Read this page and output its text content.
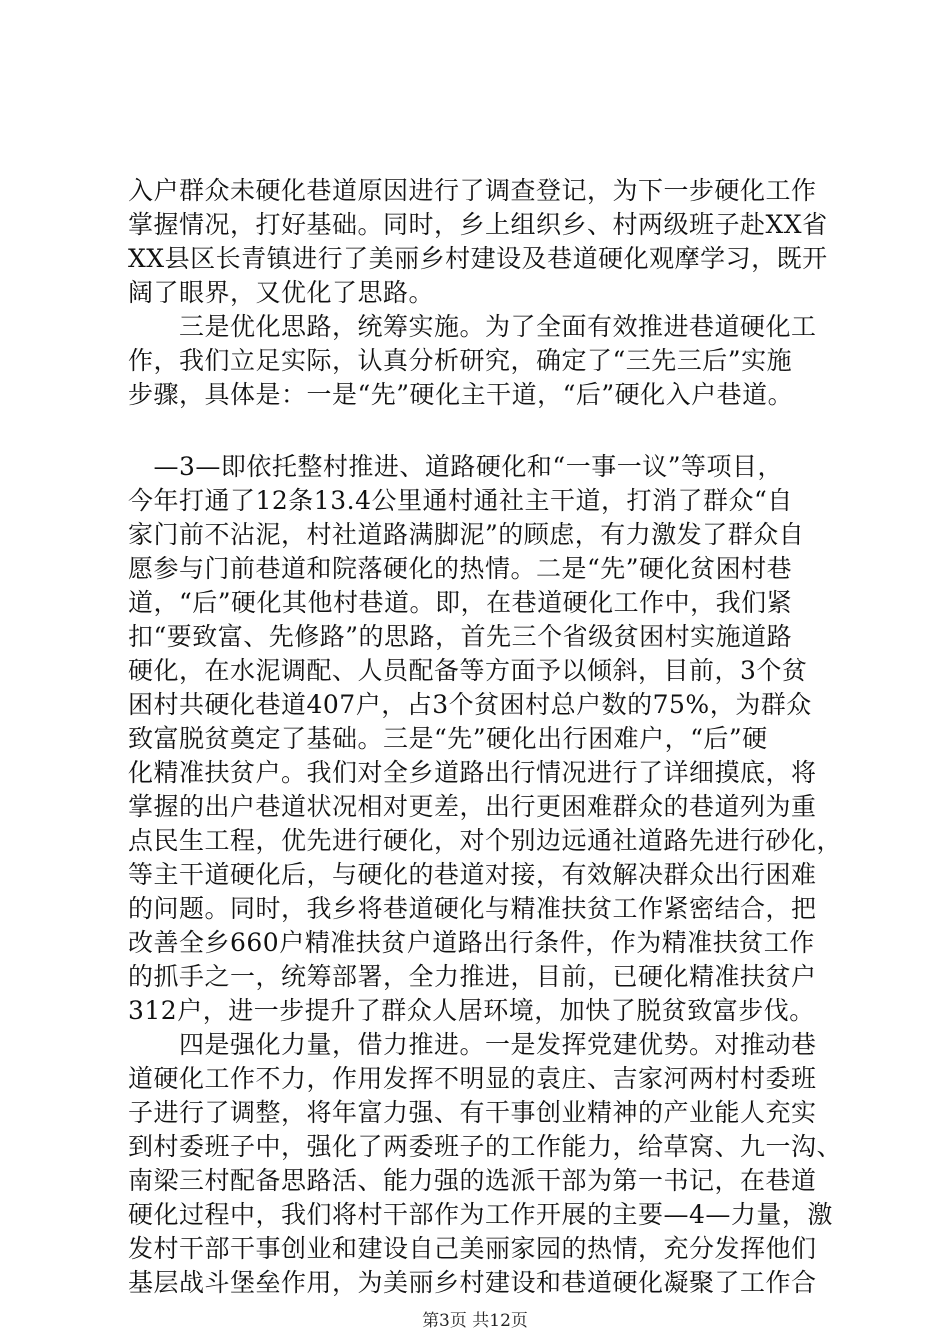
入户群众未硬化巷道原因进行了调查登记，为下一步硬化工作
掌握情况，打好基础。同时，乡上组织乡、村两级班子赴XX省
XX县区长青镇进行了美丽乡村建设及巷道硬化观摩学习，既开
阔了眼界，又优化了思路。
　　三是优化思路，统筹实施。为了全面有效推进巷道硬化工
作，我们立足实际，认真分析研究，确定了“三先三后”实施
步骤，具体是：一是“先”硬化主干道，“后”硬化入户巷道。
　—3—即依托整村推进、道路硬化和“一事一议”等项目，
今年打通了12条13.4公里通村通社主干道，打消了群众“自
家门前不沾泥，村社道路满脚泥”的顾虑，有力激发了群众自
愿参与门前巷道和院落硬化的热情。二是“先”硬化贫困村巷
道，“后”硬化其他村巷道。即，在巷道硬化工作中，我们紧
扣“要致富、先修路”的思路，首先三个省级贫困村实施道路
硬化，在水泥调配、人员配备等方面予以倾斜，目前，3个贫
困村共硬化巷道407户，占3个贫困村总户数的75%，为群众
致富脱贫奠定了基础。三是“先”硬化出行困难户，“后”硬
化精准扶贫户。我们对全乡道路出行情况进行了详细摸底，将
掌握的出户巷道状况相对更差，出行更困难群众的巷道列为重
点民生工程，优先进行硬化，对个别边远通社道路先进行砂化，
等主干道硬化后，与硬化的巷道对接，有效解决群众出行困难
的问题。同时，我乡将巷道硬化与精准扶贫工作紧密结合，把
改善全乡660户精准扶贫户道路出行条件，作为精准扶贫工作
的抓手之一，统筹部署，全力推进，目前，已硬化精准扶贫户
312户，进一步提升了群众人居环境，加快了脱贫致富步伐。
　　四是强化力量，借力推进。一是发挥党建优势。对推动巷
道硬化工作不力，作用发挥不明显的袁庄、吉家河两村村委班
子进行了调整，将年富力强、有干事创业精神的产业能人充实
到村委班子中，强化了两委班子的工作能力，给草窝、九一沟、
南梁三村配备思路活、能力强的选派干部为第一书记，在巷道
硬化过程中，我们将村干部作为工作开展的主要—4—力量，激
发村干部干事创业和建设自己美丽家园的热情，充分发挥他们
基层战斗堡垒作用，为美丽乡村建设和巷道硬化凝聚了工作合
第3页 共12页
